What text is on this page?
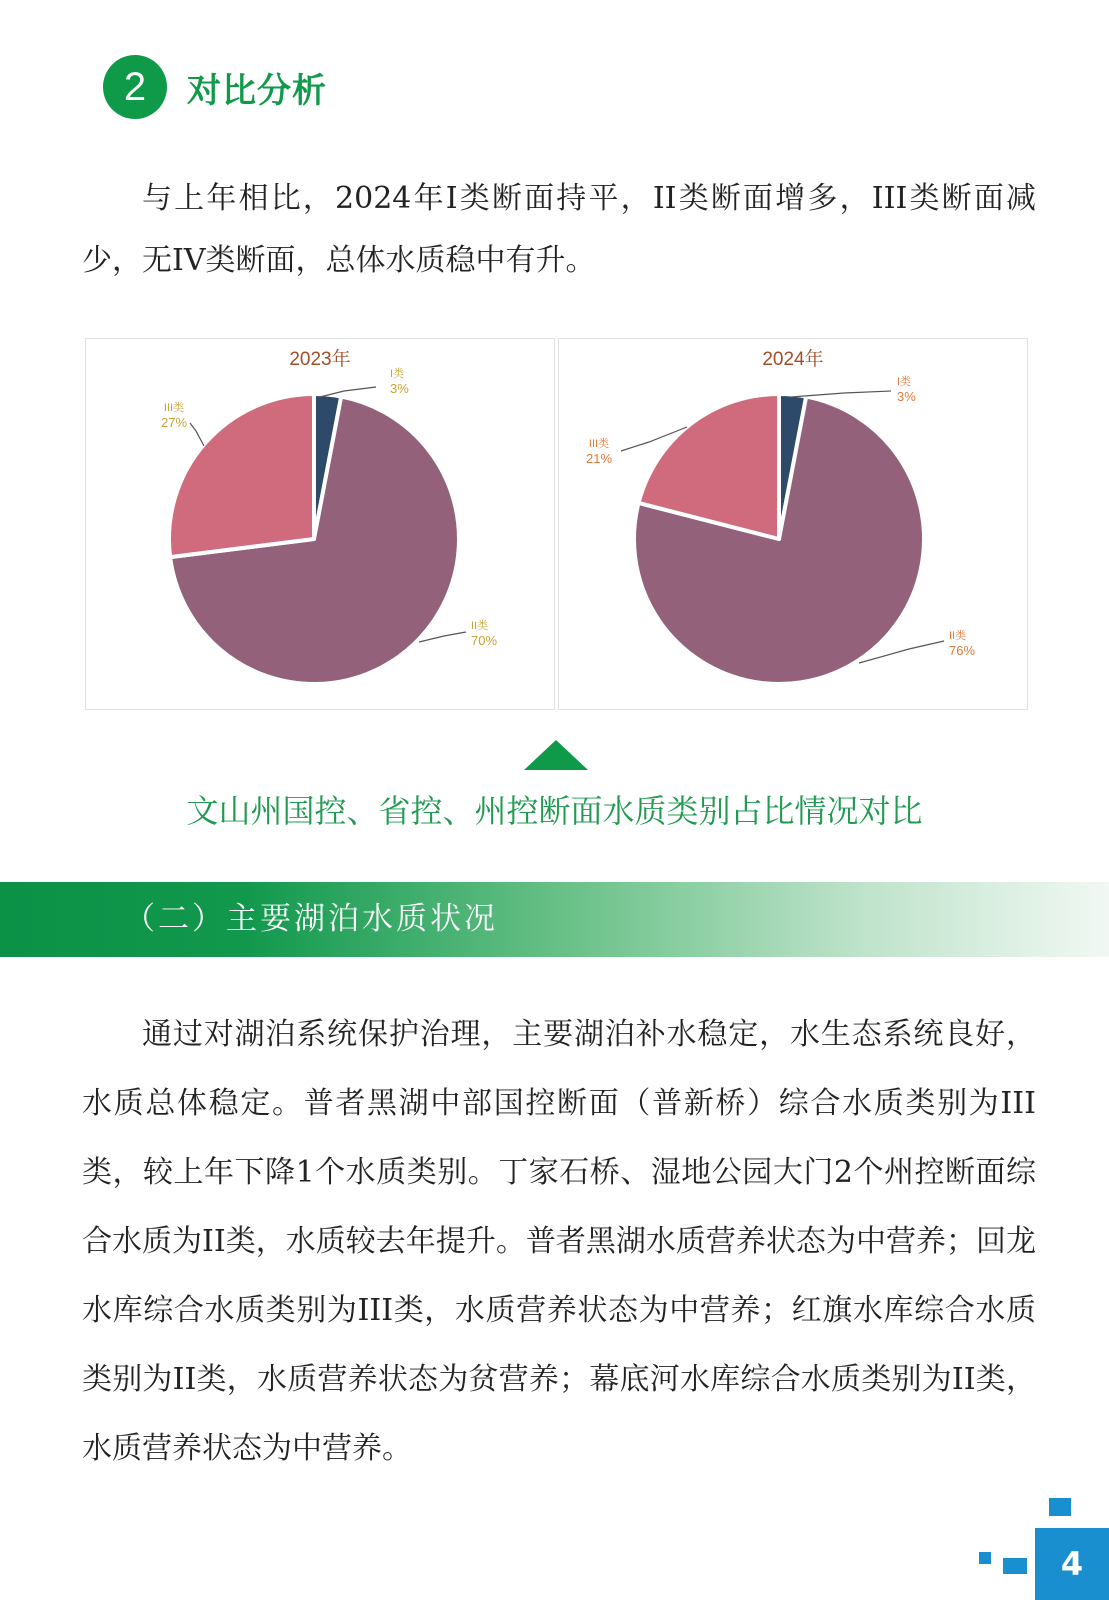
2	对比分析

与上年相比，2024年I类断面持平，II类断面增多，III类断面减少，无IV类断面，总体水质稳中有升。

2023年
I类
3%
II类
70%
III类
27%
2024年
I类
3%
II类
76%
III类
21%
文山州国控、省控、州控断面水质类别占比情况对比
（二）主要湖泊水质状况

通过对湖泊系统保护治理，主要湖泊补水稳定，水生态系统良好，水质总体稳定。普者黑湖中部国控断面（普新桥）综合水质类别为III类，较上年下降1个水质类别。丁家石桥、湿地公园大门2个州控断面综合水质为II类，水质较去年提升。普者黑湖水质营养状态为中营养；回龙水库综合水质类别为III类，水质营养状态为中营养；红旗水库综合水质类别为II类，水质营养状态为贫营养；幕底河水库综合水质类别为II类，水质营养状态为中营养。

4
